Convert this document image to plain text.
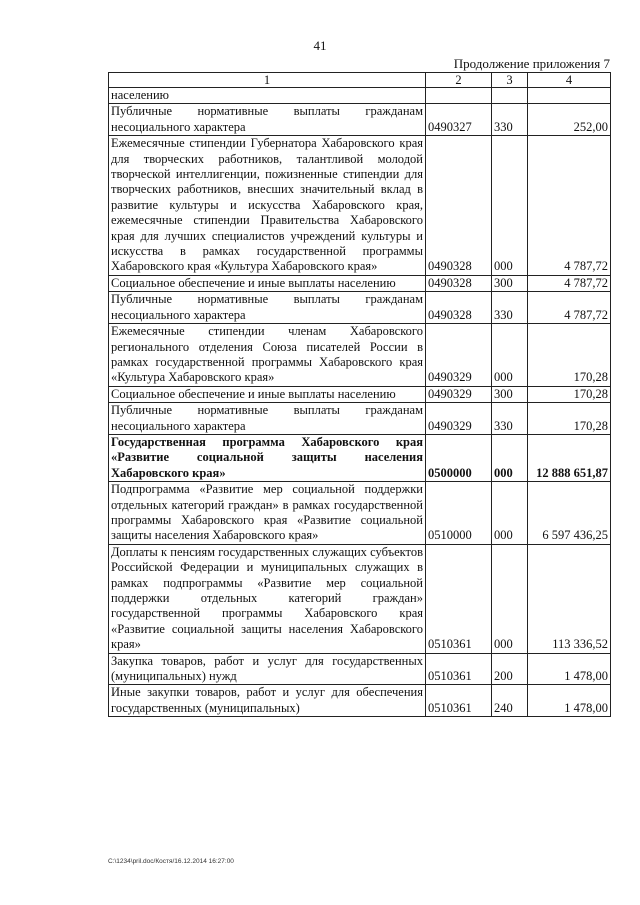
41
Продолжение приложения 7
1	2	3	4
населению			
Публичные нормативные выплаты гражданам несоциального характера	0490327	330	252,00
Ежемесячные стипендии Губернатора Хабаровского края для творческих работников, талантливой молодой творческой интеллигенции, пожизненные стипендии для творческих работников, внесших значительный вклад в развитие культуры и искусства Хабаровского края, ежемесячные стипендии Правительства Хабаровского края для лучших специалистов учреждений культуры и искусства в рамках государственной программы Хабаровского края «Культура Хабаровского края»	0490328	000	4 787,72
Социальное обеспечение и иные выплаты населению	0490328	300	4 787,72
Публичные нормативные выплаты гражданам несоциального характера	0490328	330	4 787,72
Ежемесячные стипендии членам Хабаровского регионального отделения Союза писателей России в рамках государственной программы Хабаровского края «Культура Хабаровского края»	0490329	000	170,28
Социальное обеспечение и иные выплаты населению	0490329	300	170,28
Публичные нормативные выплаты гражданам несоциального характера	0490329	330	170,28
Государственная программа Хабаровского края «Развитие социальной защиты населения Хабаровского края»	0500000	000	12 888 651,87
Подпрограмма «Развитие мер социальной поддержки отдельных категорий граждан» в рамках государственной программы Хабаровского края «Развитие социальной защиты населения Хабаровского края»	0510000	000	6 597 436,25
Доплаты к пенсиям государственных служащих субъектов Российской Федерации и муниципальных служащих в рамках подпрограммы «Развитие мер социальной поддержки отдельных категорий граждан» государственной программы Хабаровского края «Развитие социальной защиты населения Хабаровского края»	0510361	000	113 336,52
Закупка товаров, работ и услуг для государственных (муниципальных) нужд	0510361	200	1 478,00
Иные закупки товаров, работ и услуг для обеспечения государственных (муниципальных)	0510361	240	1 478,00
C:\1234\pril.doc/Костя/16.12.2014 16:27:00
